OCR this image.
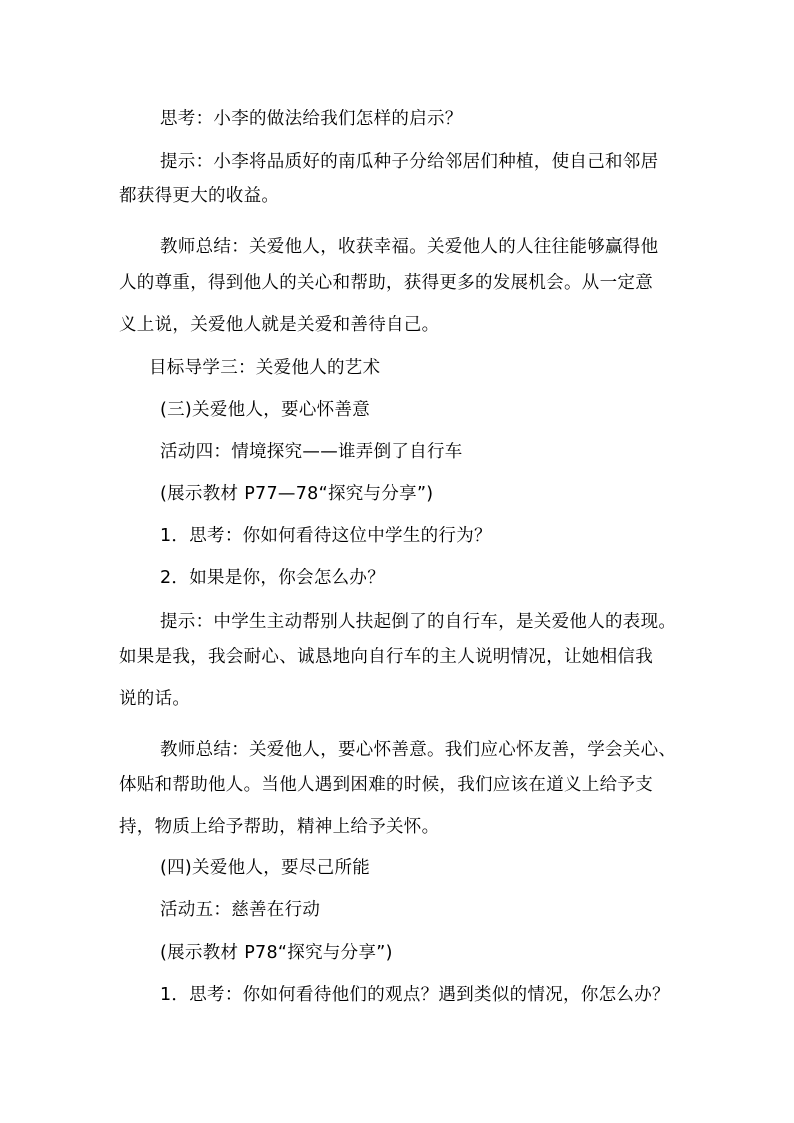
思考：小李的做法给我们怎样的启示？
提示：小李将品质好的南瓜种子分给邻居们种植，使自己和邻居
都获得更大的收益。
教师总结：关爱他人，收获幸福。关爱他人的人往往能够赢得他
人的尊重，得到他人的关心和帮助，获得更多的发展机会。从一定意
义上说，关爱他人就是关爱和善待自己。
目标导学三：关爱他人的艺术
(三)关爱他人，要心怀善意
活动四：情境探究——谁弄倒了自行车
(展示教材 P77—78“探究与分享”)
1．思考：你如何看待这位中学生的行为？
2．如果是你，你会怎么办？
提示：中学生主动帮别人扶起倒了的自行车，是关爱他人的表现。
如果是我，我会耐心、诚恳地向自行车的主人说明情况，让她相信我
说的话。
教师总结：关爱他人，要心怀善意。我们应心怀友善，学会关心、
体贴和帮助他人。当他人遇到困难的时候，我们应该在道义上给予支
持，物质上给予帮助，精神上给予关怀。
(四)关爱他人，要尽己所能
活动五：慈善在行动
(展示教材 P78“探究与分享”)
1．思考：你如何看待他们的观点？遇到类似的情况，你怎么办？
